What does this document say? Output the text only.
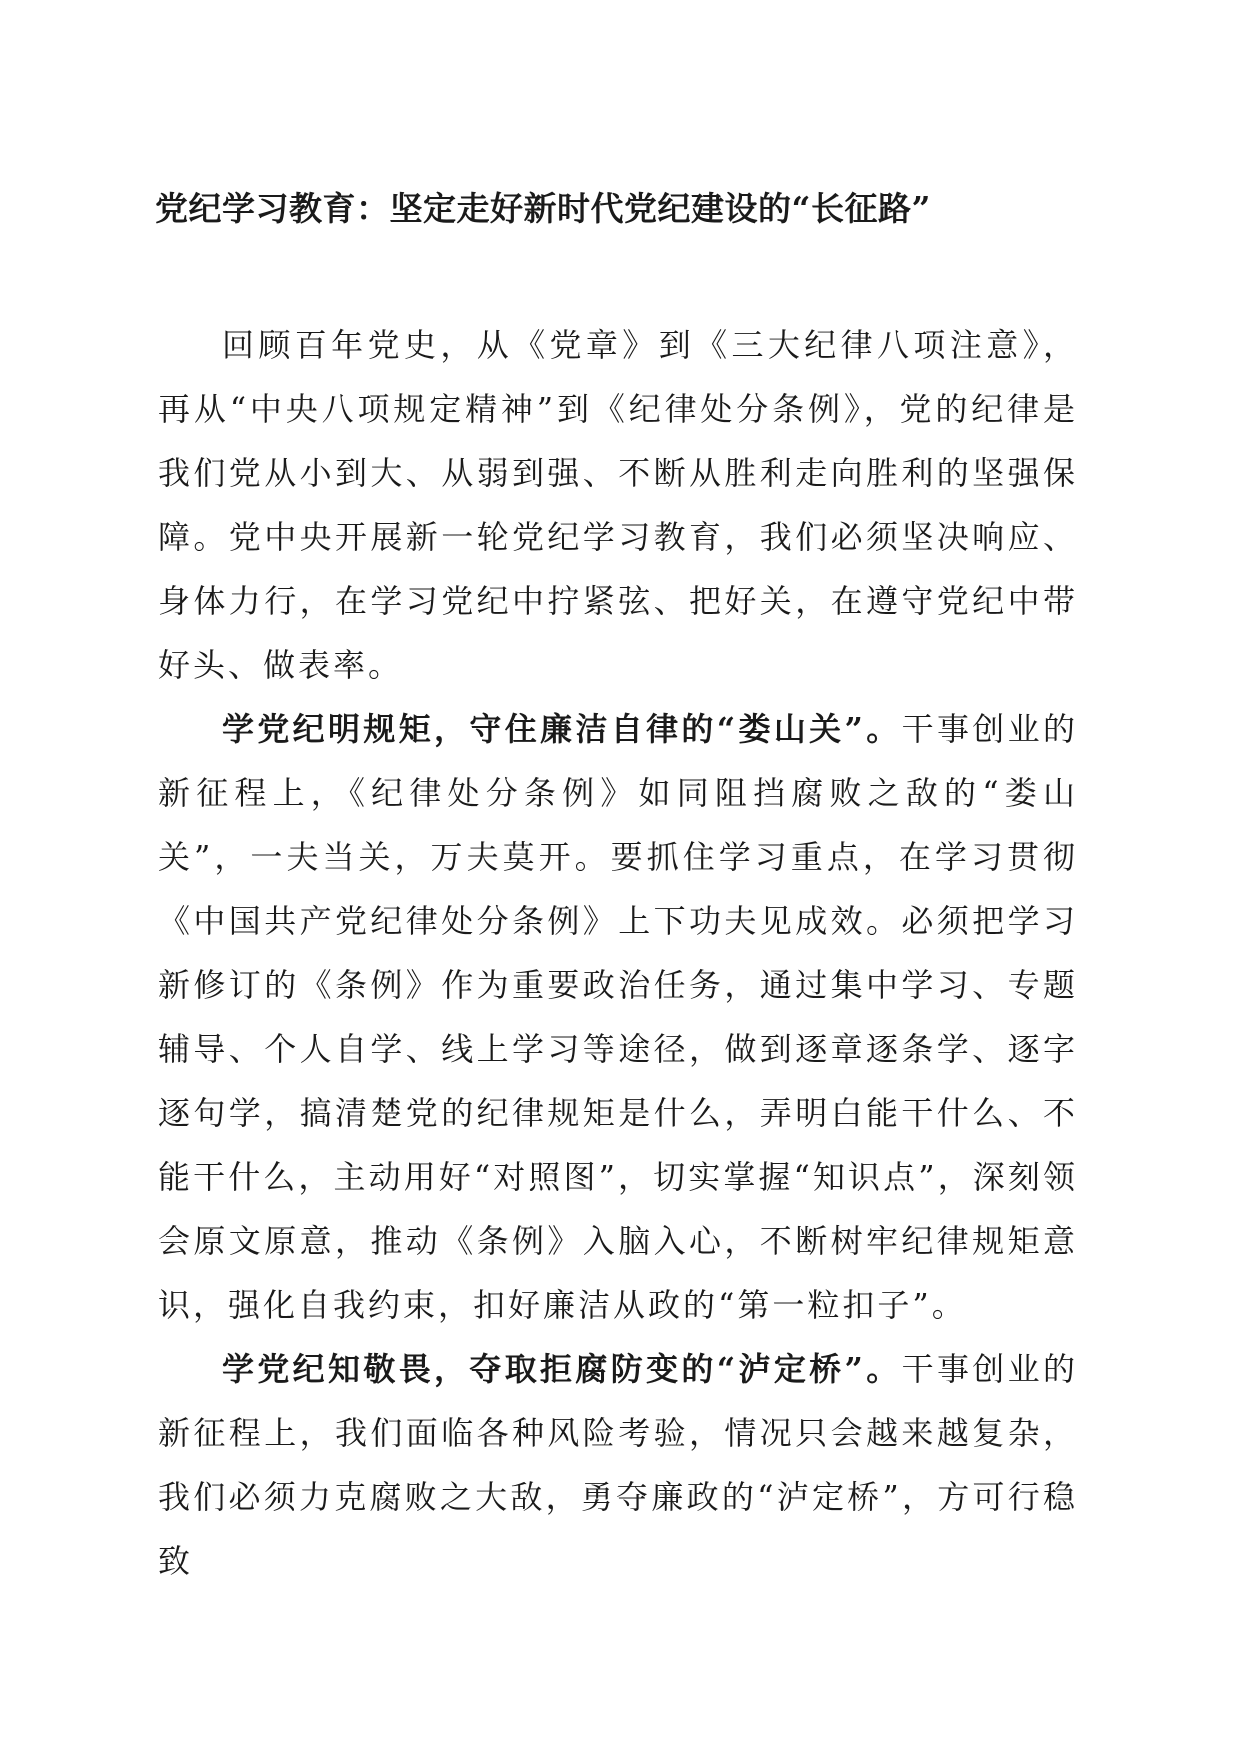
党纪学习教育：坚定走好新时代党纪建设的“长征路”

回顾百年党史，从《党章》到《三大纪律八项注意》，再从“中央八项规定精神”到《纪律处分条例》，党的纪律是我们党从小到大、从弱到强、不断从胜利走向胜利的坚强保障。党中央开展新一轮党纪学习教育，我们必须坚决响应、身体力行，在学习党纪中拧紧弦、把好关，在遵守党纪中带好头、做表率。

学党纪明规矩，守住廉洁自律的“娄山关”。干事创业的新征程上，《纪律处分条例》如同阻挡腐败之敌的“娄山关”，一夫当关，万夫莫开。要抓住学习重点，在学习贯彻《中国共产党纪律处分条例》上下功夫见成效。必须把学习新修订的《条例》作为重要政治任务，通过集中学习、专题辅导、个人自学、线上学习等途径，做到逐章逐条学、逐字逐句学，搞清楚党的纪律规矩是什么，弄明白能干什么、不能干什么，主动用好“对照图”，切实掌握“知识点”，深刻领会原文原意，推动《条例》入脑入心，不断树牢纪律规矩意识，强化自我约束，扣好廉洁从政的“第一粒扣子”。

学党纪知敬畏，夺取拒腐防变的“泸定桥”。干事创业的新征程上，我们面临各种风险考验，情况只会越来越复杂，我们必须力克腐败之大敌，勇夺廉政的“泸定桥”，方可行稳致
